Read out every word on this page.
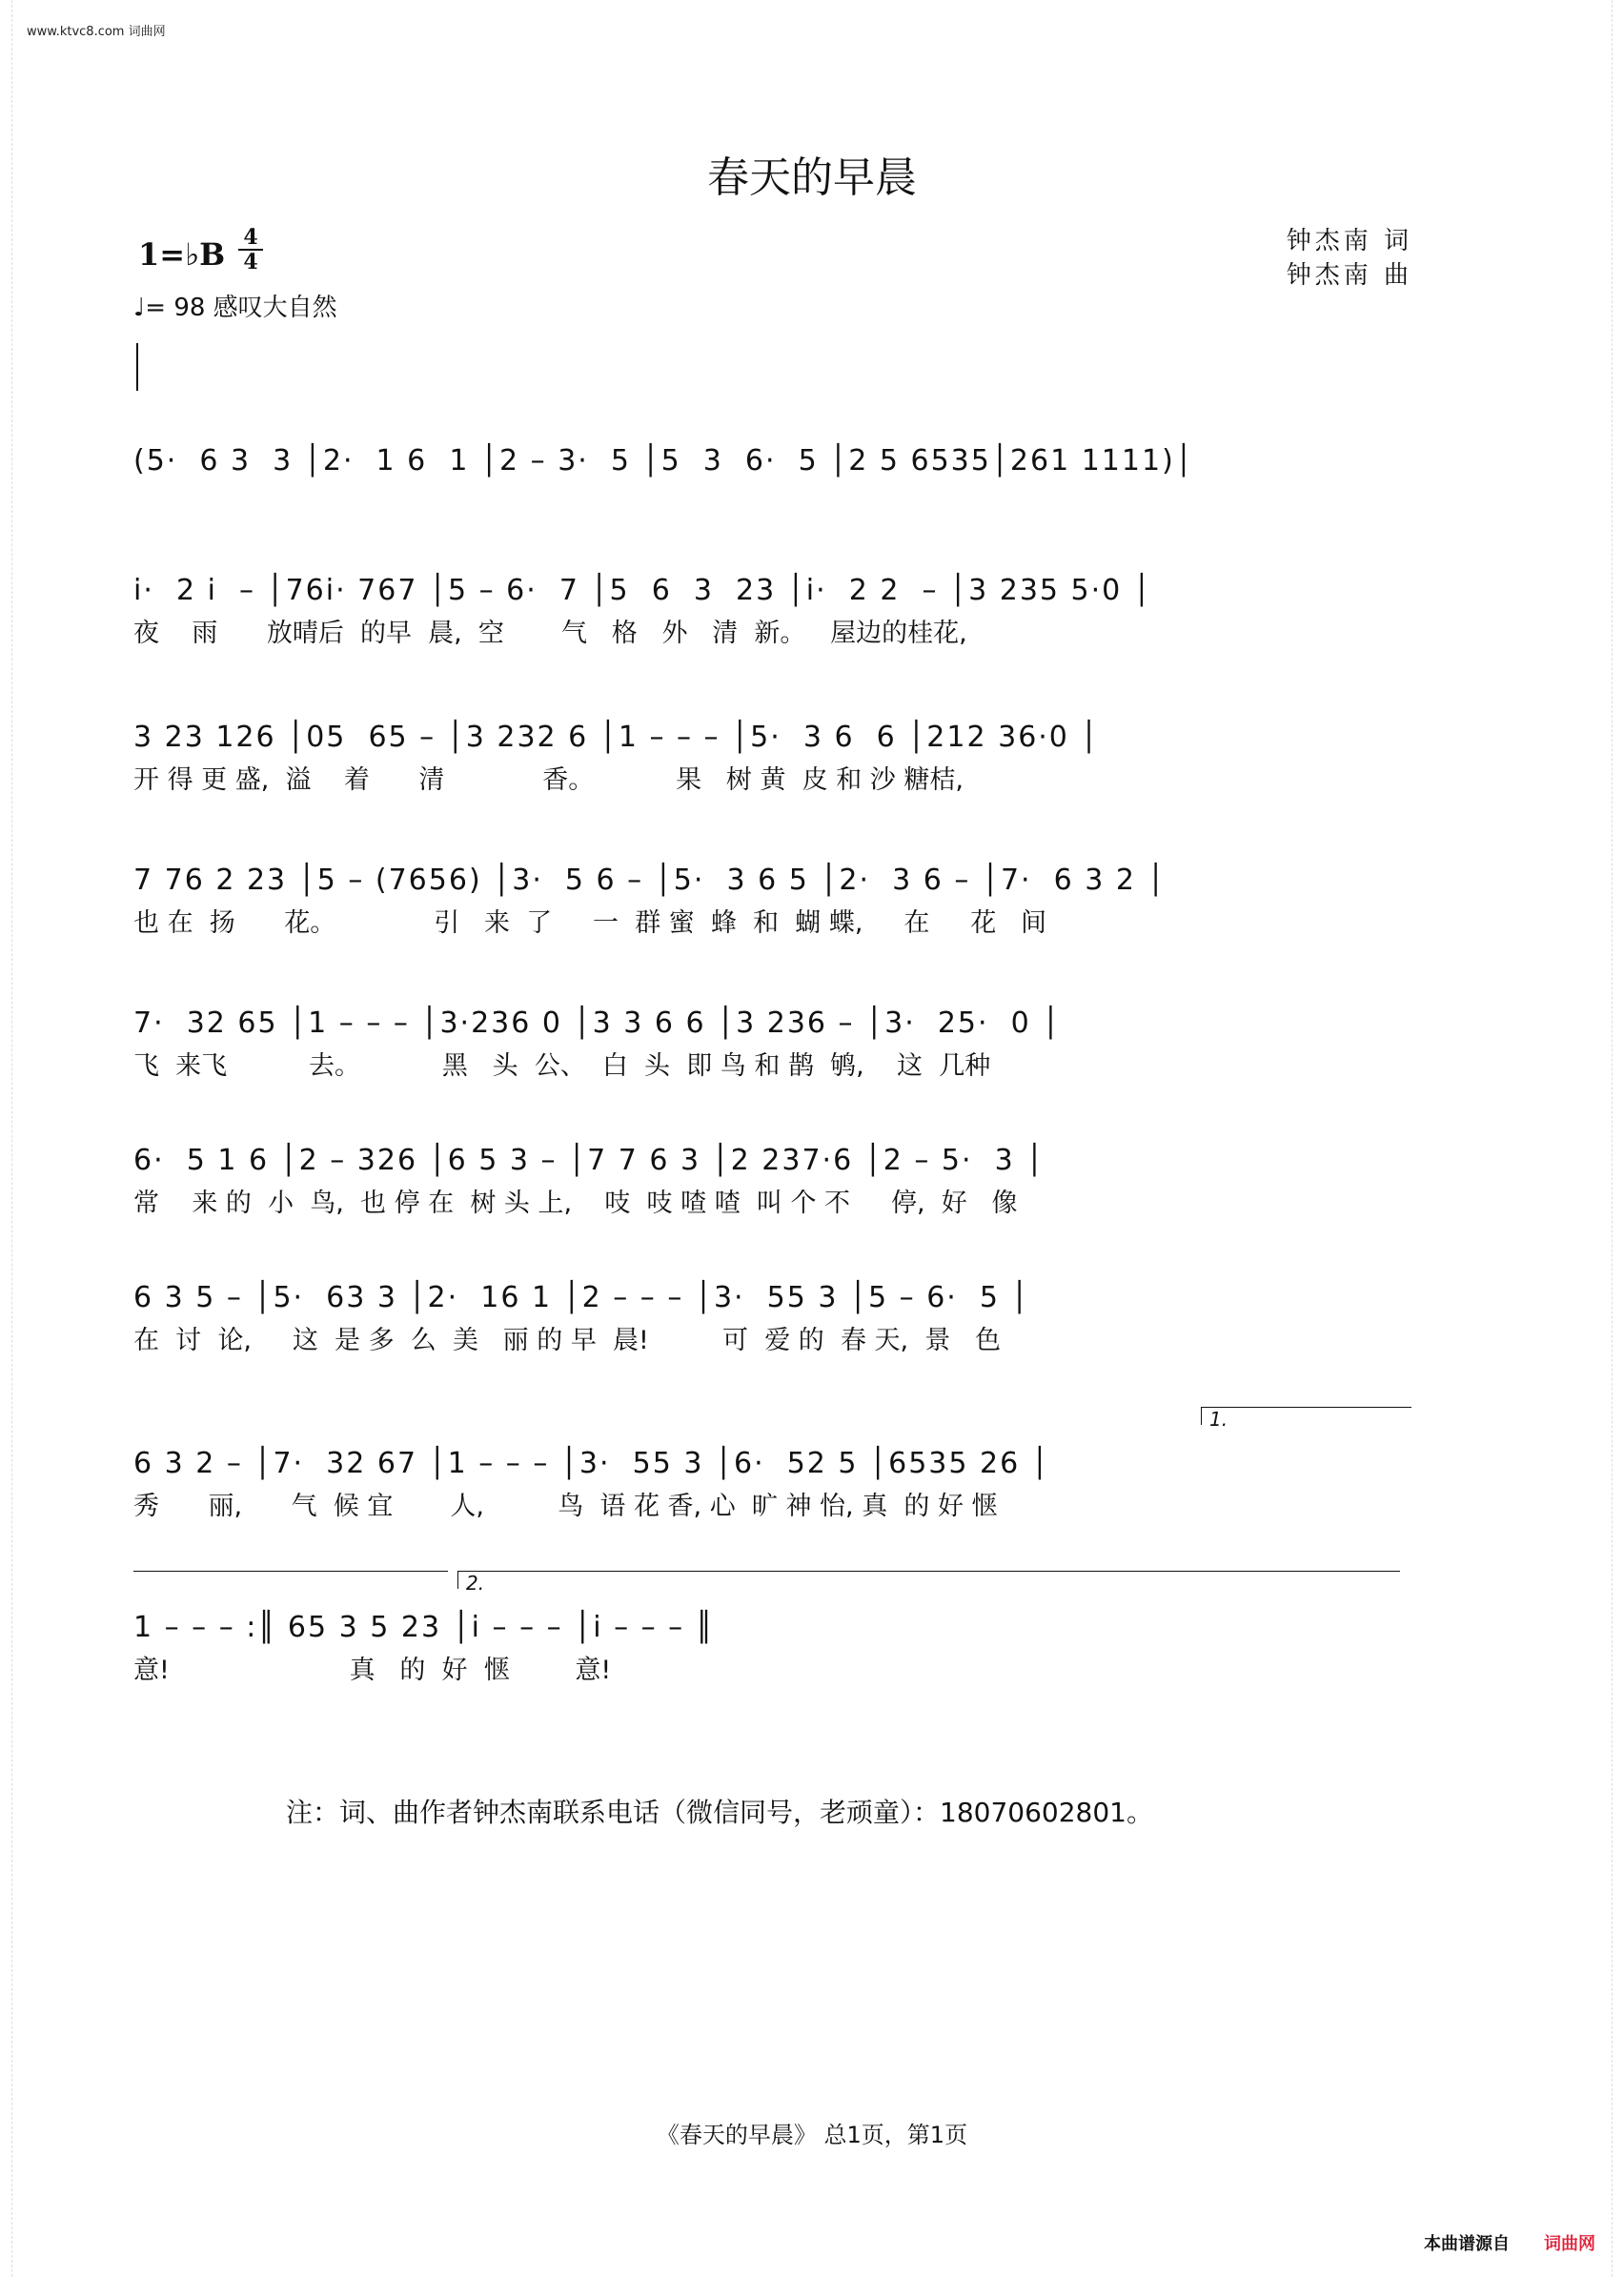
www.ktvc8.com 词曲网
春天的早晨
钟杰南 词
钟杰南 曲
1=♭B 4
4
♩= 98 感叹大自然
(5·  6 3  3 │2·  1 6  1 │2 – 3·  5 │5  3  6·  5 │2 5 6535│261 1111)│
i·  2 i  – │76i· 767 │5 – 6·  7 │5  6  3  23 │i·  2 2  – │3 235 5·0 │
夜    雨      放晴后  的早  晨,  空       气   格   外   清  新。   屋边的桂花,
3 23 126 │05  65 – │3 232 6 │1 – – – │5·  3 6  6 │212 36·0 │
开 得 更 盛,  溢    着      清            香。          果   树 黄  皮 和 沙 糖桔,
7 76 2 23 │5 – (7656) │3·  5 6 – │5·  3 6 5 │2·  3 6 – │7·  6 3 2 │
也 在  扬      花。            引   来  了     一  群 蜜  蜂  和  蝴 蝶,     在     花   间
7·  32 65 │1 – – – │3·236 0 │3 3 6 6 │3 236 – │3·  25·  0 │
飞  来飞          去。          黑   头  公、  白  头  即 鸟 和 鹊  鸲,    这  几种
6·  5 1 6 │2 – 326 │6 5 3 – │7 7 6 3 │2 237·6 │2 – 5·  3 │
常    来 的  小  鸟,  也 停 在  树 头 上,    吱  吱 喳 喳  叫 个 不     停,  好   像
6 3 5 – │5·  63 3 │2·  16 1 │2 – – – │3·  55 3 │5 – 6·  5 │
在  讨  论,     这  是 多  么  美   丽 的 早  晨!         可  爱 的  春 天,  景   色
1.
6 3 2 – │7·  32 67 │1 – – – │3·  55 3 │6·  52 5 │6535 26 │
秀      丽,      气  候 宜       人,         鸟  语 花 香, 心  旷 神 怡, 真  的 好 惬
2.
1 – – – :║ 65 3 5 23 │i – – – │i – – – ║
意!                      真   的  好  惬        意!
注：词、曲作者钟杰南联系电话（微信同号，老顽童）：18070602801。
《春天的早晨》 总1页，第1页
本曲谱源自 词曲网
